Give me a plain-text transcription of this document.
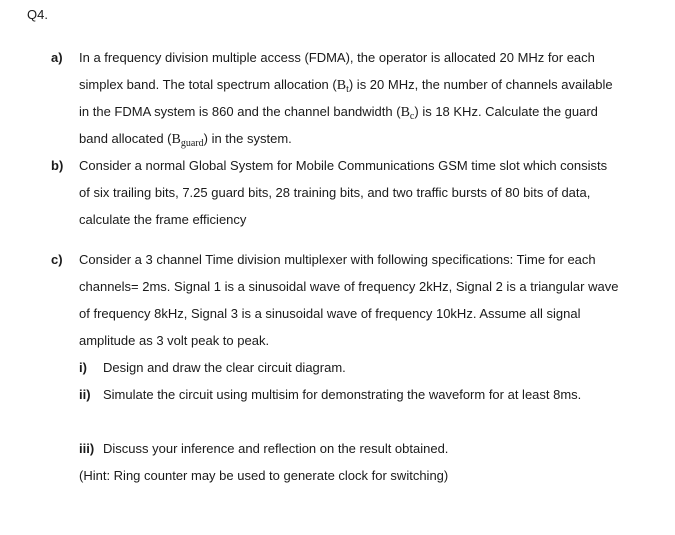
Q4.
a) In a frequency division multiple access (FDMA), the operator is allocated 20 MHz for each
simplex band. The total spectrum allocation $(B_t)$ is 20 MHz, the number of channels available
in the FDMA system is 860 and the channel bandwidth $(B_c)$ is 18 KHz. Calculate the guard
band allocated $(B_{guard})$ in the system.
b) Consider a normal Global System for Mobile Communications GSM time slot which consists
of six trailing bits, 7.25 guard bits, 28 training bits, and two traffic bursts of 80 bits of data,
calculate the frame efficiency
c) Consider a 3 channel Time division multiplexer with following specifications: Time for each
channels= 2ms. Signal 1 is a sinusoidal wave of frequency 2kHz, Signal 2 is a triangular wave
of frequency 8kHz, Signal 3 is a sinusoidal wave of frequency 10kHz. Assume all signal
amplitude as 3 volt peak to peak.
i) Design and draw the clear circuit diagram.
ii) Simulate the circuit using multisim for demonstrating the waveform for at least 8ms.
iii) Discuss your inference and reflection on the result obtained.
(Hint: Ring counter may be used to generate clock for switching)
